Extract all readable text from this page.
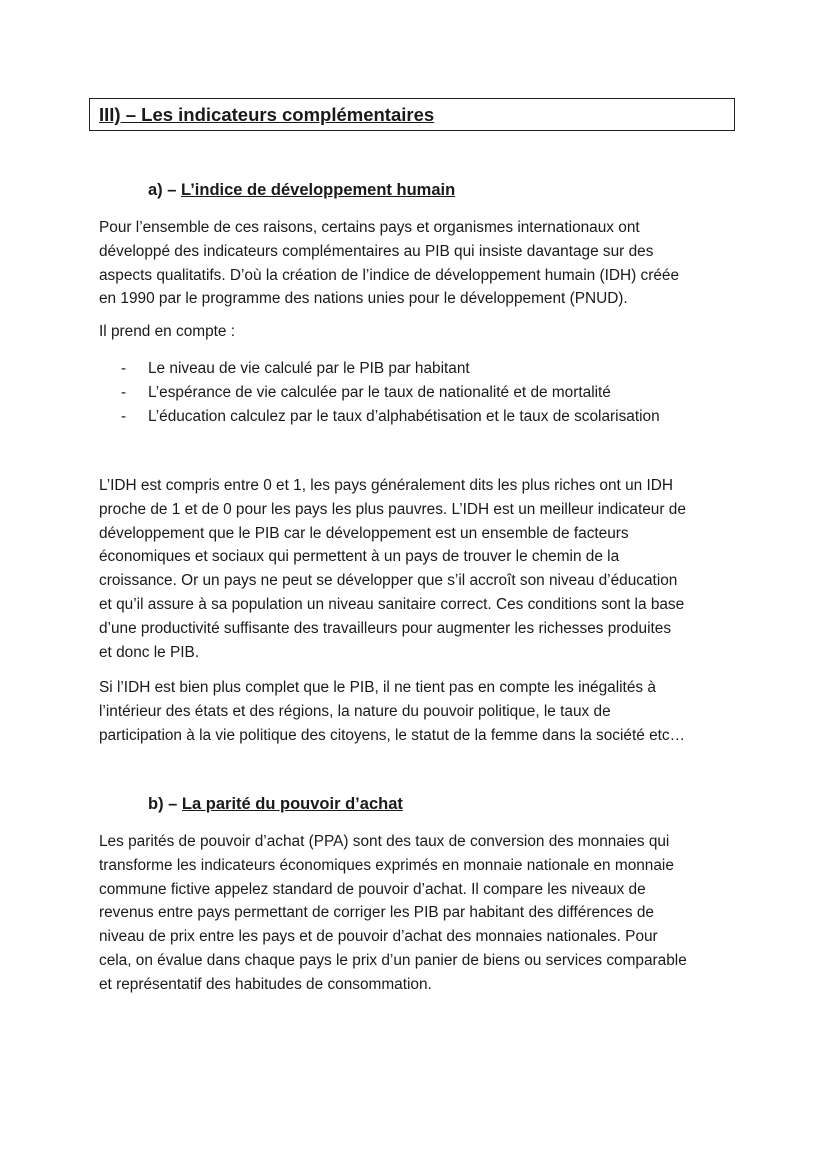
III) – Les indicateurs complémentaires
a) – L’indice de développement humain

Pour l’ensemble de ces raisons, certains pays et organismes internationaux ont
développé des indicateurs complémentaires au PIB qui insiste davantage sur des
aspects qualitatifs. D’où la création de l’indice de développement humain (IDH) créée
en 1990 par le programme des nations unies pour le développement (PNUD).

Il prend en compte :

- Le niveau de vie calculé par le PIB par habitant
- L’espérance de vie calculée par le taux de nationalité et de mortalité
- L’éducation calculez par le taux d’alphabétisation et le taux de scolarisation

L’IDH est compris entre 0 et 1, les pays généralement dits les plus riches ont un IDH
proche de 1 et de 0 pour les pays les plus pauvres. L’IDH est un meilleur indicateur de
développement que le PIB car le développement est un ensemble de facteurs
économiques et sociaux qui permettent à un pays de trouver le chemin de la
croissance. Or un pays ne peut se développer que s’il accroît son niveau d’éducation
et qu’il assure à sa population un niveau sanitaire correct. Ces conditions sont la base
d’une productivité suffisante des travailleurs pour augmenter les richesses produites
et donc le PIB.

Si l’IDH est bien plus complet que le PIB, il ne tient pas en compte les inégalités à
l’intérieur des états et des régions, la nature du pouvoir politique, le taux de
participation à la vie politique des citoyens, le statut de la femme dans la société etc…

b) – La parité du pouvoir d’achat

Les parités de pouvoir d’achat (PPA) sont des taux de conversion des monnaies qui
transforme les indicateurs économiques exprimés en monnaie nationale en monnaie
commune fictive appelez standard de pouvoir d’achat. Il compare les niveaux de
revenus entre pays permettant de corriger les PIB par habitant des différences de
niveau de prix entre les pays et de pouvoir d’achat des monnaies nationales. Pour
cela, on évalue dans chaque pays le prix d’un panier de biens ou services comparable
et représentatif des habitudes de consommation.
